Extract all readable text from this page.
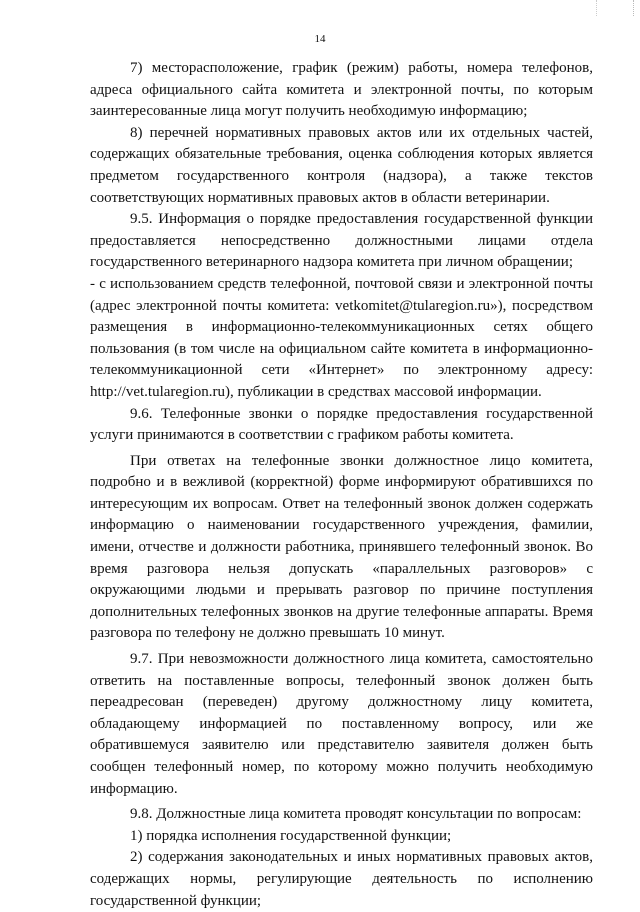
14

7) месторасположение, график (режим) работы, номера телефонов, адреса официального сайта комитета и электронной почты, по которым заинтересованные лица могут получить необходимую информацию;

8) перечней нормативных правовых актов или их отдельных частей, содержащих обязательные требования, оценка соблюдения которых является предметом государственного контроля (надзора), а также текстов соответствующих нормативных правовых актов в области ветеринарии.

9.5. Информация о порядке предоставления государственной функции предоставляется непосредственно должностными лицами отдела государственного ветеринарного надзора комитета при личном обращении;

- с использованием средств телефонной, почтовой связи и электронной почты (адрес электронной почты комитета: vetkomitet@tularegion.ru»), посредством размещения в информационно-телекоммуникационных сетях общего пользования (в том числе на официальном сайте комитета в информационно-телекоммуникационной сети «Интернет» по электронному адресу: http://vet.tularegion.ru), публикации в средствах массовой информации.

9.6. Телефонные звонки о порядке предоставления государственной услуги принимаются в соответствии с графиком работы комитета.

При ответах на телефонные звонки должностное лицо комитета, подробно и в вежливой (корректной) форме информируют обратившихся по интересующим их вопросам. Ответ на телефонный звонок должен содержать информацию о наименовании государственного учреждения, фамилии, имени, отчестве и должности работника, принявшего телефонный звонок. Во время разговора нельзя допускать «параллельных разговоров» с окружающими людьми и прерывать разговор по причине поступления дополнительных телефонных звонков на другие телефонные аппараты. Время разговора по телефону не должно превышать 10 минут.

9.7. При невозможности должностного лица комитета, самостоятельно ответить на поставленные вопросы, телефонный звонок должен быть переадресован (переведен) другому должностному лицу комитета, обладающему информацией по поставленному вопросу, или же обратившемуся заявителю или представителю заявителя должен быть сообщен телефонный номер, по которому можно получить необходимую информацию.

9.8. Должностные лица комитета проводят консультации по вопросам:

1) порядка исполнения государственной функции;

2) содержания законодательных и иных нормативных правовых актов, содержащих нормы, регулирующие деятельность по исполнению государственной функции;
